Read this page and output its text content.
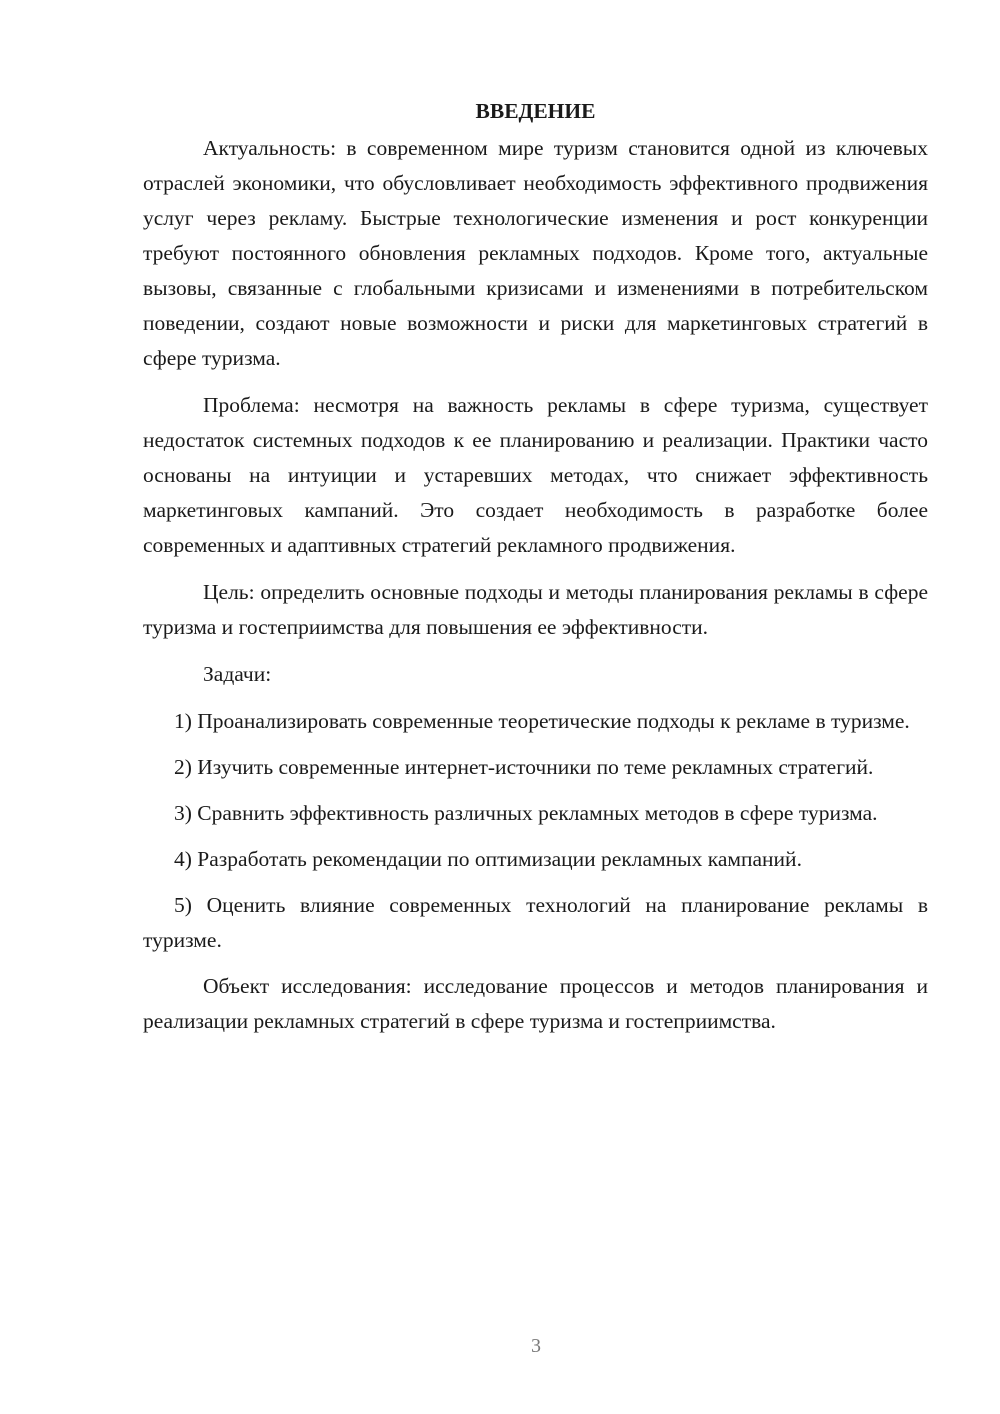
ВВЕДЕНИЕ

Актуальность: в современном мире туризм становится одной из ключевых отраслей экономики, что обусловливает необходимость эффективного продвижения услуг через рекламу. Быстрые технологические изменения и рост конкуренции требуют постоянного обновления рекламных подходов. Кроме того, актуальные вызовы, связанные с глобальными кризисами и изменениями в потребительском поведении, создают новые возможности и риски для маркетинговых стратегий в сфере туризма.

Проблема: несмотря на важность рекламы в сфере туризма, существует недостаток системных подходов к ее планированию и реализации. Практики часто основаны на интуиции и устаревших методах, что снижает эффективность маркетинговых кампаний. Это создает необходимость в разработке более современных и адаптивных стратегий рекламного продвижения.

Цель: определить основные подходы и методы планирования рекламы в сфере туризма и гостеприимства для повышения ее эффективности.

Задачи:

1) Проанализировать современные теоретические подходы к рекламе в туризме.

2) Изучить современные интернет-источники по теме рекламных стратегий.

3) Сравнить эффективность различных рекламных методов в сфере туризма.

4) Разработать рекомендации по оптимизации рекламных кампаний.

5) Оценить влияние современных технологий на планирование рекламы в туризме.

Объект исследования: исследование процессов и методов планирования и реализации рекламных стратегий в сфере туризма и гостеприимства.

3
